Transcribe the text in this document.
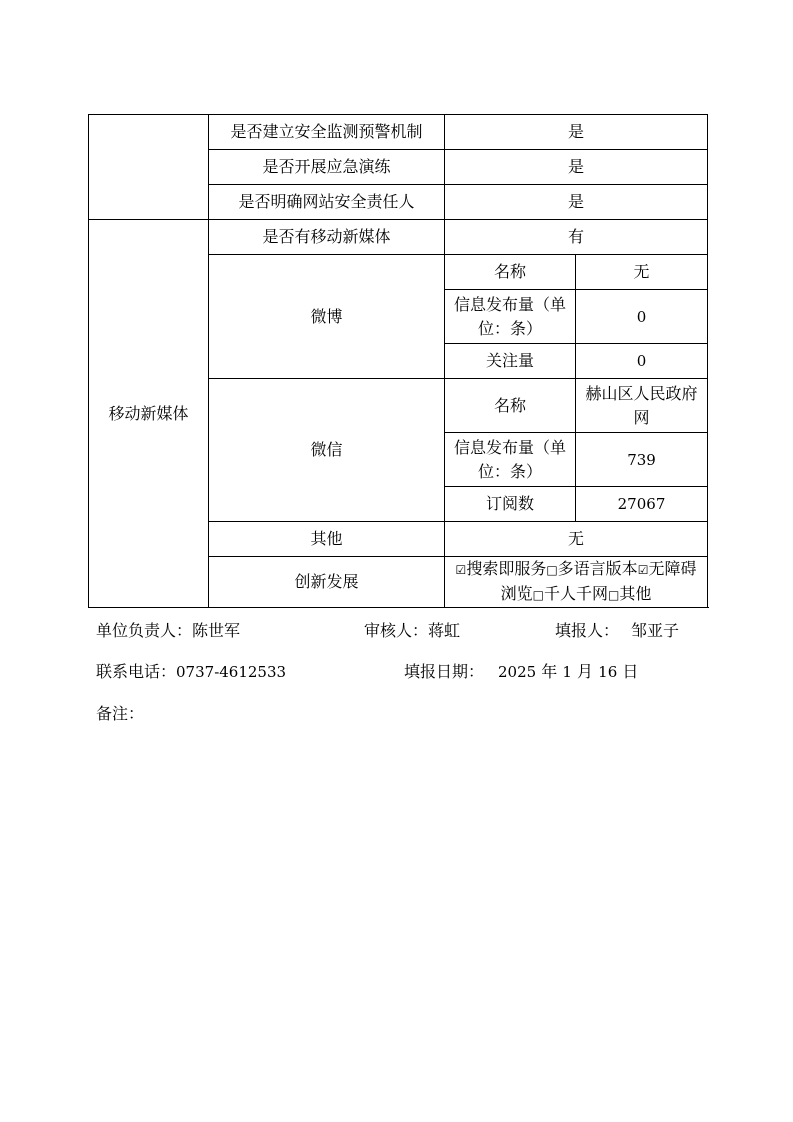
	是否建立安全监测预警机制	是	
	是否开展应急演练	是	
	是否明确网站安全责任人	是	
移动新媒体	是否有移动新媒体	有	
	微博	名称	无
		信息发布量（单位：条）	0
		关注量	0
	微信	名称	赫山区人民政府网
		信息发布量（单位：条）	739
		订阅数	27067
	其他	无	
	创新发展	☑搜索即服务□多语言版本☑无障碍浏览□千人千网□其他	
单位负责人：陈世军	审核人：蒋虹	填报人： 邹亚子
联系电话：0737-4612533	填报日期： 2025 年 1 月 16 日
备注：
